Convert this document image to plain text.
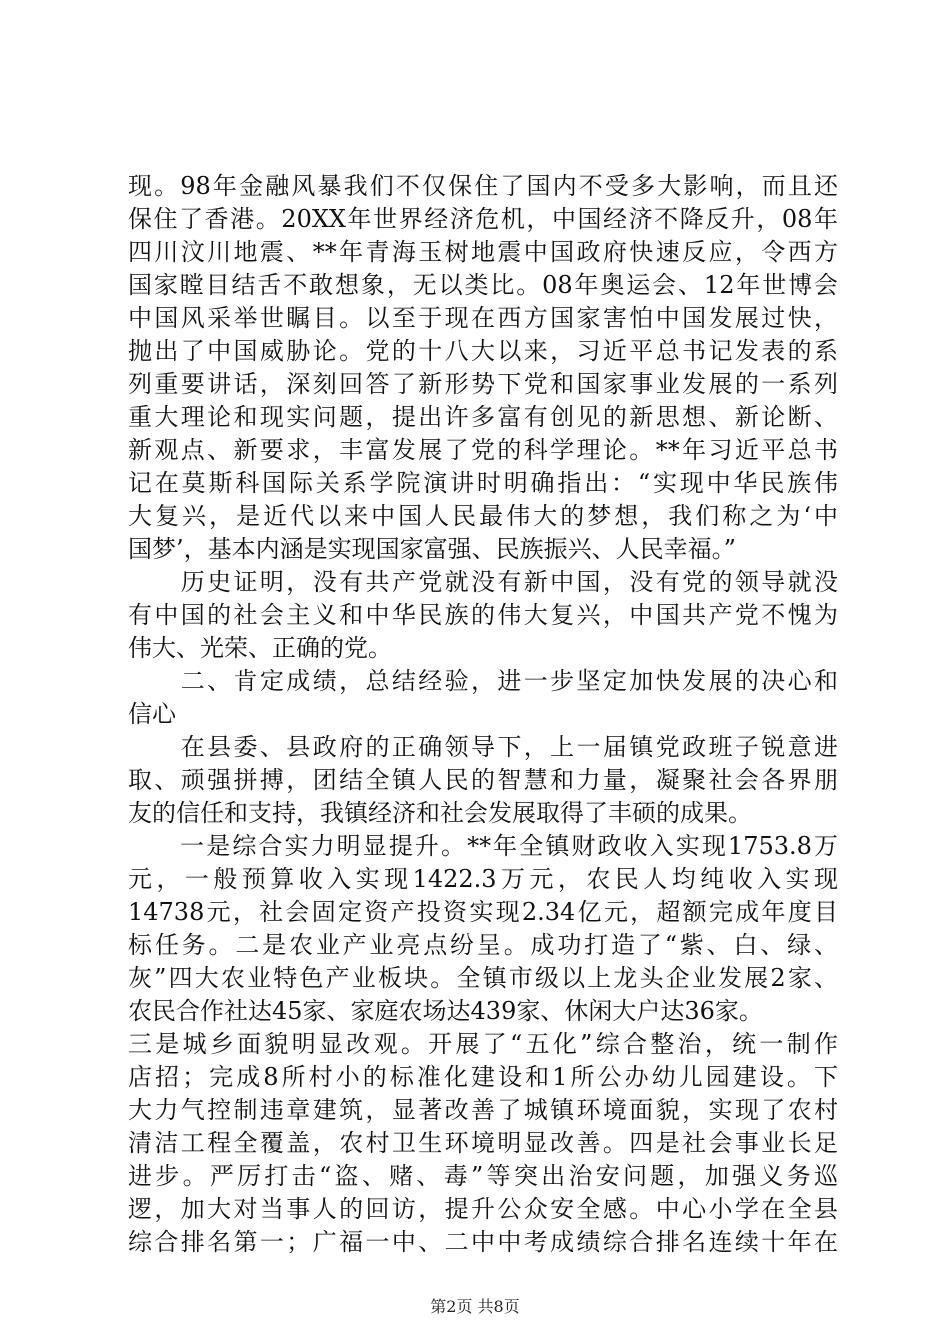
现。98年金融风暴我们不仅保住了国内不受多大影响，而且还
保住了香港。20XX年世界经济危机，中国经济不降反升，08年
四川汶川地震、**年青海玉树地震中国政府快速反应，令西方
国家瞠目结舌不敢想象，无以类比。08年奥运会、12年世博会
中国风采举世瞩目。以至于现在西方国家害怕中国发展过快，
抛出了中国威胁论。党的十八大以来，习近平总书记发表的系
列重要讲话，深刻回答了新形势下党和国家事业发展的一系列
重大理论和现实问题，提出许多富有创见的新思想、新论断、
新观点、新要求，丰富发展了党的科学理论。**年习近平总书
记在莫斯科国际关系学院演讲时明确指出：“实现中华民族伟
大复兴，是近代以来中国人民最伟大的梦想，我们称之为‘中
国梦’，基本内涵是实现国家富强、民族振兴、人民幸福。”
　　历史证明，没有共产党就没有新中国，没有党的领导就没
有中国的社会主义和中华民族的伟大复兴，中国共产党不愧为
伟大、光荣、正确的党。
　　二、肯定成绩，总结经验，进一步坚定加快发展的决心和
信心
　　在县委、县政府的正确领导下，上一届镇党政班子锐意进
取、顽强拼搏，团结全镇人民的智慧和力量，凝聚社会各界朋
友的信任和支持，我镇经济和社会发展取得了丰硕的成果。
　　一是综合实力明显提升。**年全镇财政收入实现1753.8万
元，一般预算收入实现1422.3万元，农民人均纯收入实现
14738元，社会固定资产投资实现2.34亿元，超额完成年度目
标任务。二是农业产业亮点纷呈。成功打造了“紫、白、绿、
灰”四大农业特色产业板块。全镇市级以上龙头企业发展2家、
农民合作社达45家、家庭农场达439家、休闲大户达36家。
三是城乡面貌明显改观。开展了“五化”综合整治，统一制作
店招；完成8所村小的标准化建设和1所公办幼儿园建设。下
大力气控制违章建筑，显著改善了城镇环境面貌，实现了农村
清洁工程全覆盖，农村卫生环境明显改善。四是社会事业长足
进步。严厉打击“盗、赌、毒”等突出治安问题，加强义务巡
逻，加大对当事人的回访，提升公众安全感。中心小学在全县
综合排名第一；广福一中、二中中考成绩综合排名连续十年在
第2页 共8页
